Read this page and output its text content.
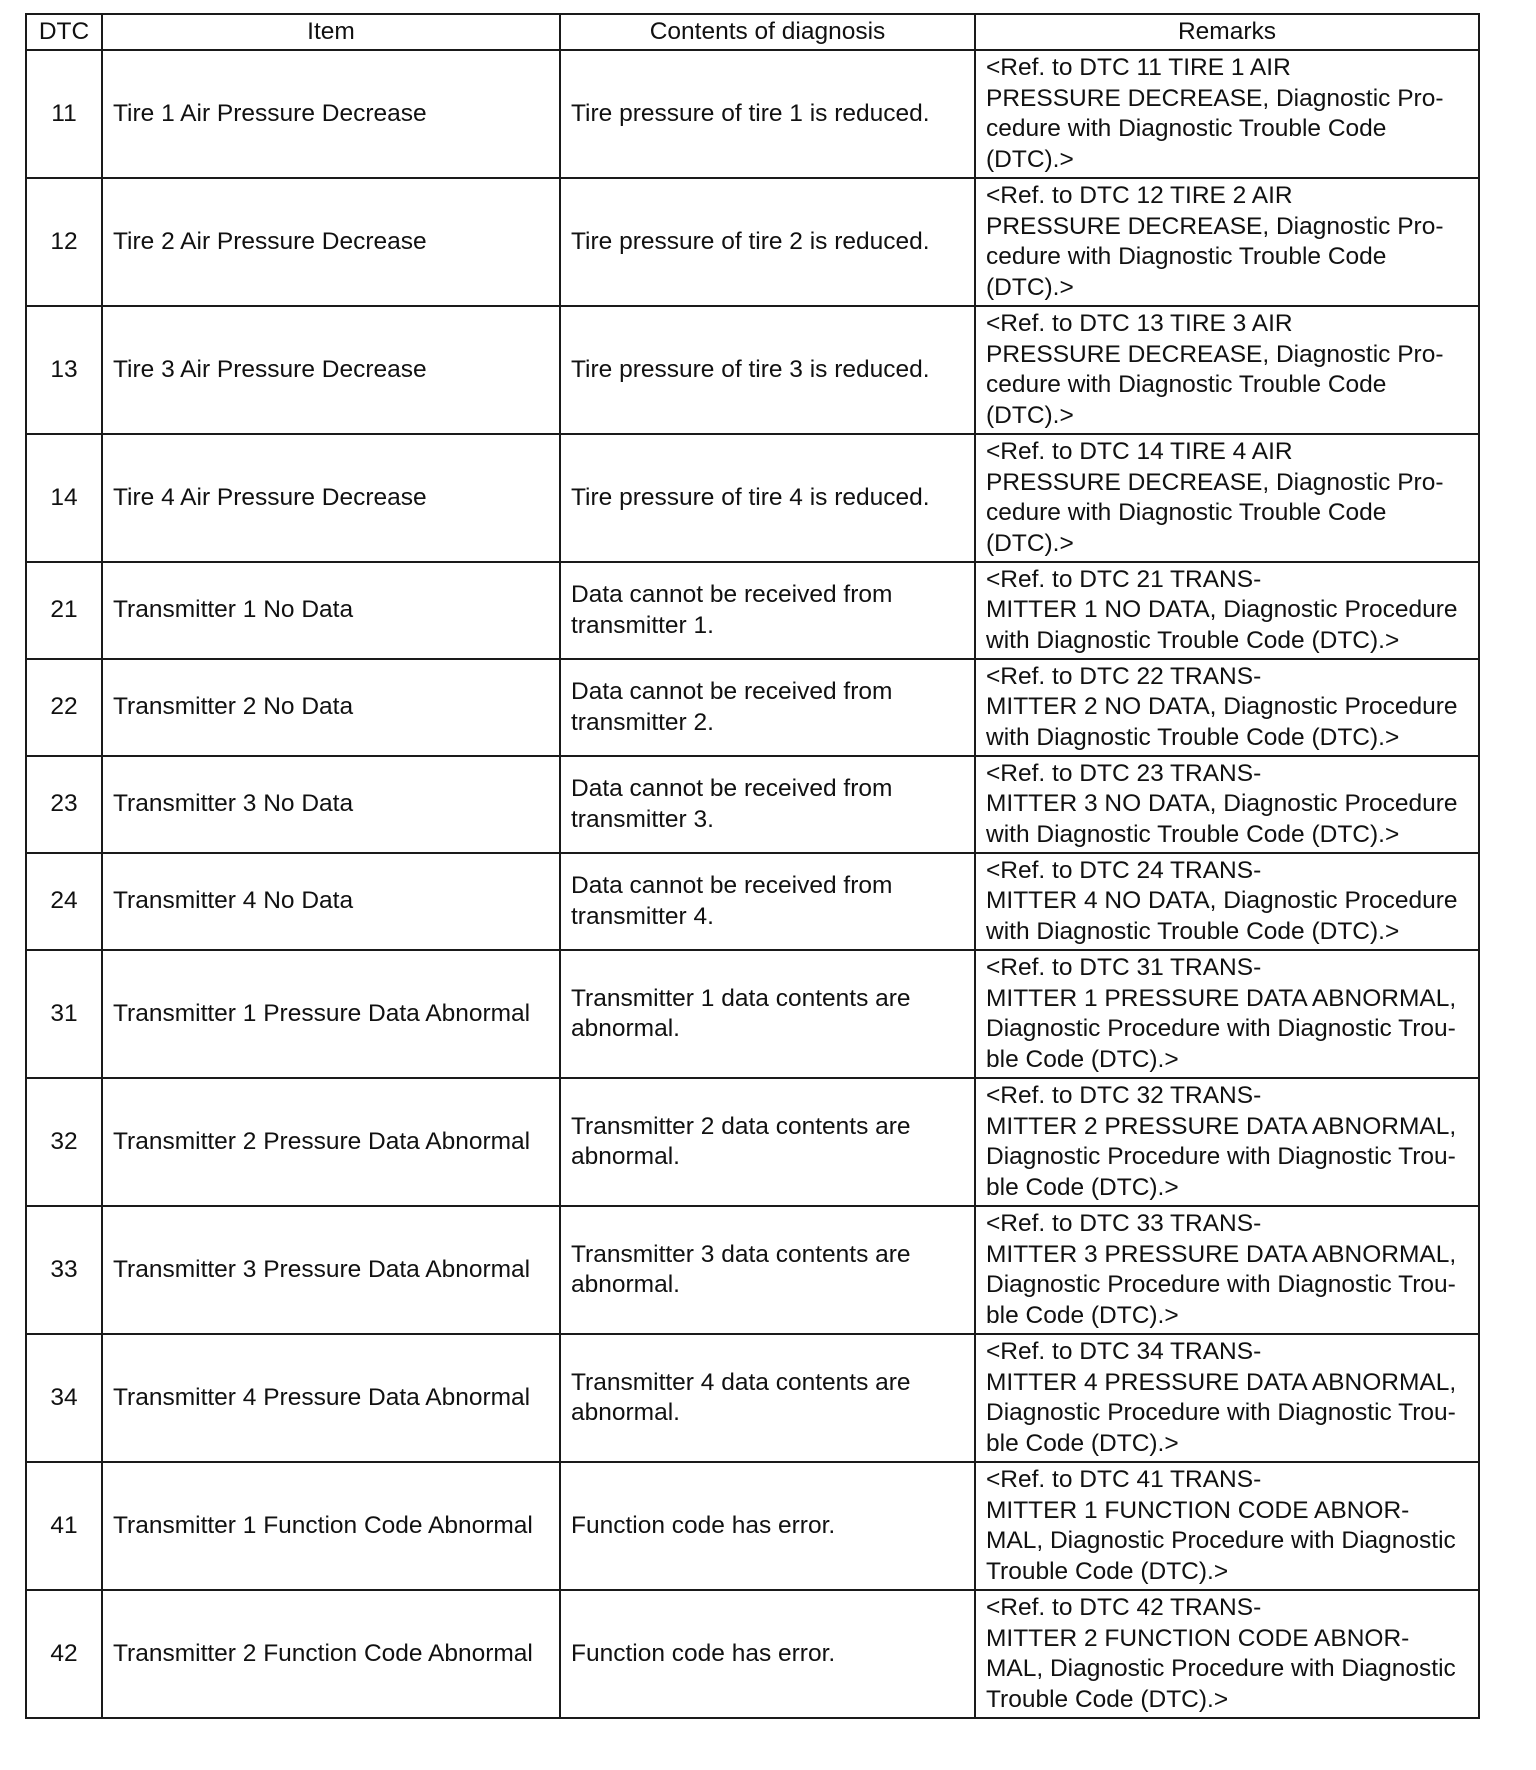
DTC	Item	Contents of diagnosis	Remarks
11	Tire 1 Air Pressure Decrease	Tire pressure of tire 1 is reduced.	<Ref. to DTC 11 TIRE 1 AIR
PRESSURE DECREASE, Diagnostic Pro-
cedure with Diagnostic Trouble Code
(DTC).>

12	Tire 2 Air Pressure Decrease	Tire pressure of tire 2 is reduced.	<Ref. to DTC 12 TIRE 2 AIR
PRESSURE DECREASE, Diagnostic Pro-
cedure with Diagnostic Trouble Code
(DTC).>

13	Tire 3 Air Pressure Decrease	Tire pressure of tire 3 is reduced.	<Ref. to DTC 13 TIRE 3 AIR
PRESSURE DECREASE, Diagnostic Pro-
cedure with Diagnostic Trouble Code
(DTC).>

14	Tire 4 Air Pressure Decrease	Tire pressure of tire 4 is reduced.	<Ref. to DTC 14 TIRE 4 AIR
PRESSURE DECREASE, Diagnostic Pro-
cedure with Diagnostic Trouble Code
(DTC).>

21	Transmitter 1 No Data	Data cannot be received from
transmitter 1.	<Ref. to DTC 21 TRANS-
MITTER 1 NO DATA, Diagnostic Procedure
with Diagnostic Trouble Code (DTC).>

22	Transmitter 2 No Data	Data cannot be received from
transmitter 2.	<Ref. to DTC 22 TRANS-
MITTER 2 NO DATA, Diagnostic Procedure
with Diagnostic Trouble Code (DTC).>

23	Transmitter 3 No Data	Data cannot be received from
transmitter 3.	<Ref. to DTC 23 TRANS-
MITTER 3 NO DATA, Diagnostic Procedure
with Diagnostic Trouble Code (DTC).>

24	Transmitter 4 No Data	Data cannot be received from
transmitter 4.	<Ref. to DTC 24 TRANS-
MITTER 4 NO DATA, Diagnostic Procedure
with Diagnostic Trouble Code (DTC).>

31	Transmitter 1 Pressure Data Abnormal	Transmitter 1 data contents are
abnormal.	<Ref. to DTC 31 TRANS-
MITTER 1 PRESSURE DATA ABNORMAL,
Diagnostic Procedure with Diagnostic Trou-
ble Code (DTC).>

32	Transmitter 2 Pressure Data Abnormal	Transmitter 2 data contents are
abnormal.	<Ref. to DTC 32 TRANS-
MITTER 2 PRESSURE DATA ABNORMAL,
Diagnostic Procedure with Diagnostic Trou-
ble Code (DTC).>

33	Transmitter 3 Pressure Data Abnormal	Transmitter 3 data contents are
abnormal.	<Ref. to DTC 33 TRANS-
MITTER 3 PRESSURE DATA ABNORMAL,
Diagnostic Procedure with Diagnostic Trou-
ble Code (DTC).>

34	Transmitter 4 Pressure Data Abnormal	Transmitter 4 data contents are
abnormal.	<Ref. to DTC 34 TRANS-
MITTER 4 PRESSURE DATA ABNORMAL,
Diagnostic Procedure with Diagnostic Trou-
ble Code (DTC).>

41	Transmitter 1 Function Code Abnormal	Function code has error.	<Ref. to DTC 41 TRANS-
MITTER 1 FUNCTION CODE ABNOR-
MAL, Diagnostic Procedure with Diagnostic
Trouble Code (DTC).>

42	Transmitter 2 Function Code Abnormal	Function code has error.	<Ref. to DTC 42 TRANS-
MITTER 2 FUNCTION CODE ABNOR-
MAL, Diagnostic Procedure with Diagnostic
Trouble Code (DTC).>
